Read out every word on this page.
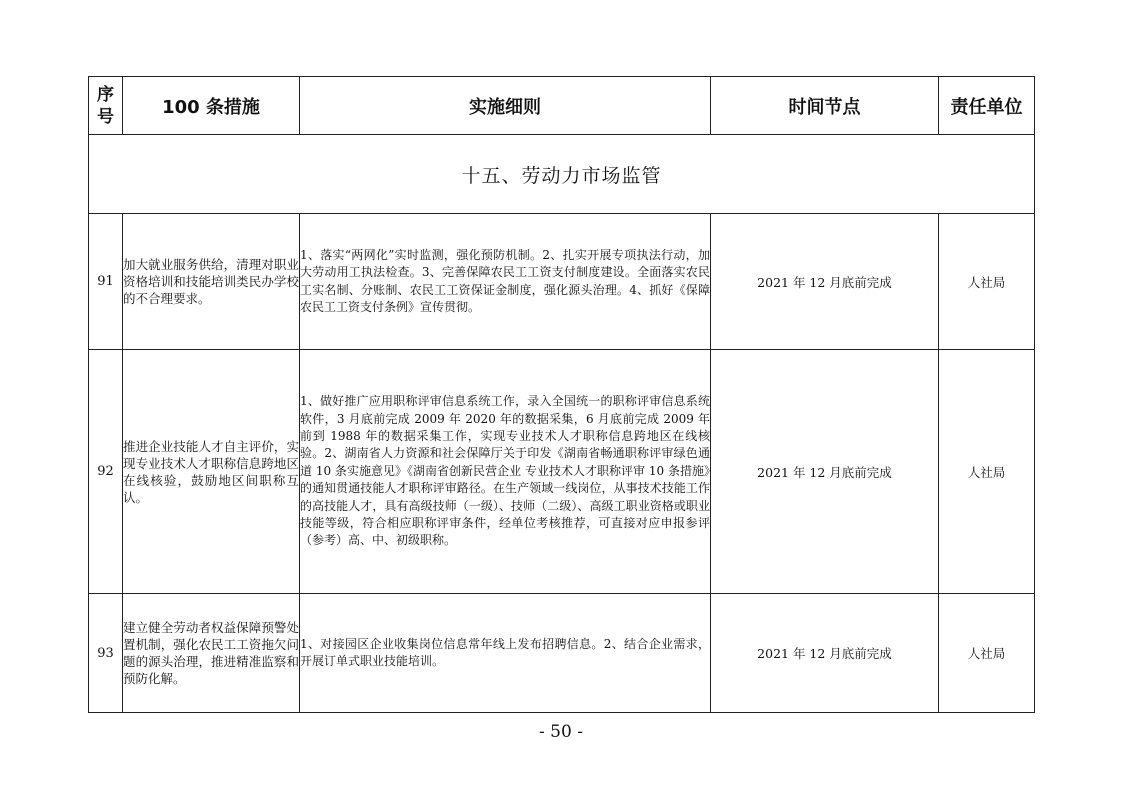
序号	100 条措施	实施细则	时间节点	责任单位
十五、劳动力市场监管				
91	加大就业服务供给，清理对职业资格培训和技能培训类民办学校的不合理要求。	1、落实“两网化”实时监测，强化预防机制。2、扎实开展专项执法行动，加大劳动用工执法检查。3、完善保障农民工工资支付制度建设。全面落实农民工实名制、分账制、农民工工资保证金制度，强化源头治理。4、抓好《保障农民工工资支付条例》宣传贯彻。	2021 年 12 月底前完成	人社局
92	推进企业技能人才自主评价，实现专业技术人才职称信息跨地区在线核验，鼓励地区间职称互认。	1、做好推广应用职称评审信息系统工作，录入全国统一的职称评审信息系统软件，3 月底前完成 2009 年 2020 年的数据采集，6 月底前完成 2009 年前到 1988 年的数据采集工作，实现专业技术人才职称信息跨地区在线核验。2、湖南省人力资源和社会保障厅关于印发《湖南省畅通职称评审绿色通道 10 条实施意见》《湖南省创新民营企业 专业技术人才职称评审 10 条措施》的通知贯通技能人才职称评审路径。在生产领域一线岗位，从事技术技能工作的高技能人才，具有高级技师（一级）、技师（二级）、高级工职业资格或职业技能等级，符合相应职称评审条件，经单位考核推荐，可直接对应申报参评（参考）高、中、初级职称。	2021 年 12 月底前完成	人社局
93	建立健全劳动者权益保障预警处置机制，强化农民工工资拖欠问题的源头治理，推进精准监察和预防化解。	1、对接园区企业收集岗位信息常年线上发布招聘信息。2、结合企业需求，开展订单式职业技能培训。	2021 年 12 月底前完成	人社局
- 50 -
